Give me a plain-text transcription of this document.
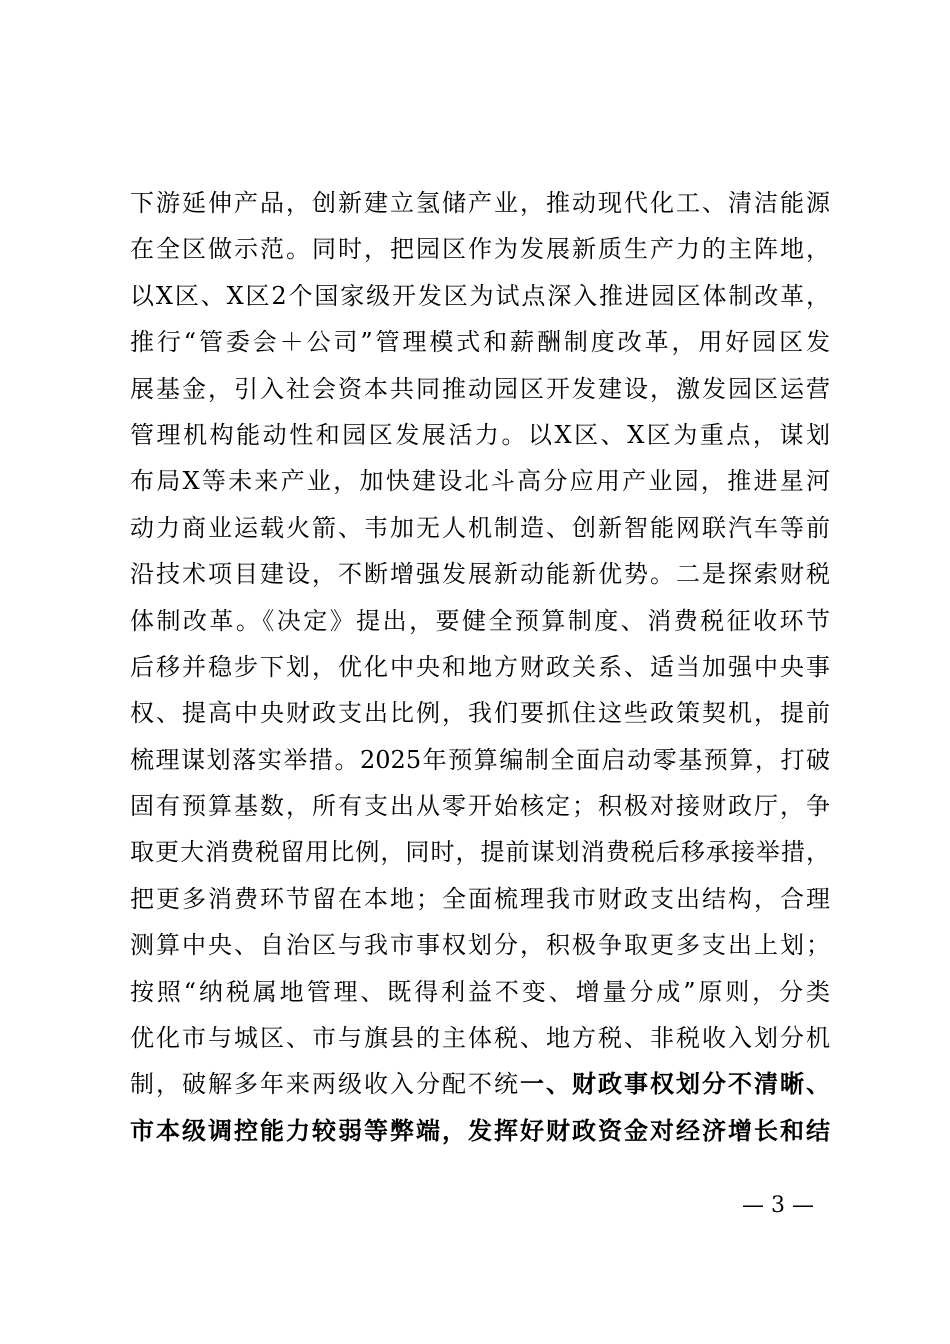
下游延伸产品，创新建立氢储产业，推动现代化工、清洁能源
在全区做示范。同时，把园区作为发展新质生产力的主阵地，
以X区、X区2个国家级开发区为试点深入推进园区体制改革，
推行“管委会＋公司”管理模式和薪酬制度改革，用好园区发
展基金，引入社会资本共同推动园区开发建设，激发园区运营
管理机构能动性和园区发展活力。以X区、X区为重点，谋划
布局X等未来产业，加快建设北斗高分应用产业园，推进星河
动力商业运载火箭、韦加无人机制造、创新智能网联汽车等前
沿技术项目建设，不断增强发展新动能新优势。二是探索财税
体制改革。《决定》提出，要健全预算制度、消费税征收环节
后移并稳步下划，优化中央和地方财政关系、适当加强中央事
权、提高中央财政支出比例，我们要抓住这些政策契机，提前
梳理谋划落实举措。2025年预算编制全面启动零基预算，打破
固有预算基数，所有支出从零开始核定；积极对接财政厅，争
取更大消费税留用比例，同时，提前谋划消费税后移承接举措，
把更多消费环节留在本地；全面梳理我市财政支出结构，合理
测算中央、自治区与我市事权划分，积极争取更多支出上划；
按照“纳税属地管理、既得利益不变、增量分成”原则，分类
优化市与城区、市与旗县的主体税、地方税、非税收入划分机
制，破解多年来两级收入分配不统一、财政事权划分不清晰、
市本级调控能力较弱等弊端，发挥好财政资金对经济增长和结
— 3 —
